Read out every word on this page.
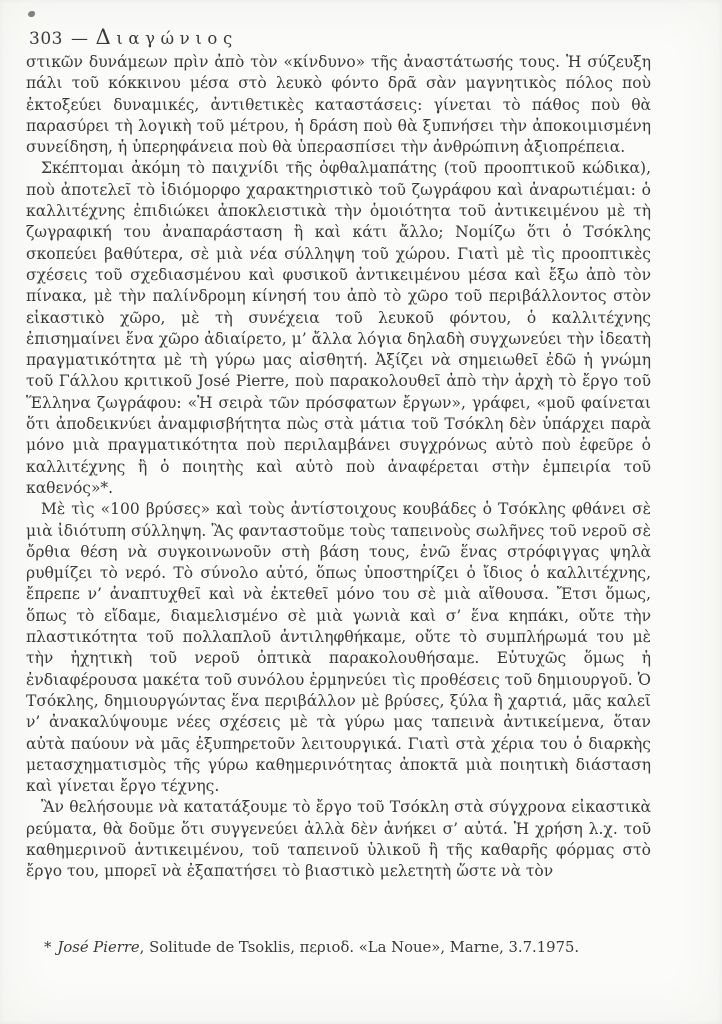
303 — Διαγώνιος

στικῶν δυνάμεων πρὶν ἀπὸ τὸν «κίνδυνο» τῆς ἀναστάτωσής τους. Ἡ σύζευξη πάλι τοῦ κόκκινου μέσα στὸ λευκὸ φόντο δρᾶ σὰν μαγνητικὸς πόλος ποὺ ἐκτοξεύει δυναμικές, ἀντιθετικὲς καταστάσεις: γίνεται τὸ πάθος ποὺ θὰ παρασύρει τὴ λογικὴ τοῦ μέτρου, ἡ δράση ποὺ θὰ ξυπνήσει τὴν ἀποκοιμισμένη συνείδηση, ἡ ὑπερηφάνεια ποὺ θὰ ὑπερασπίσει τὴν ἀνθρώπινη ἀξιοπρέπεια.

Σκέπτομαι ἀκόμη τὸ παιχνίδι τῆς ὀφθαλμαπάτης (τοῦ προοπτικοῦ κώδικα), ποὺ ἀποτελεῖ τὸ ἰδιόμορφο χαρακτηριστικὸ τοῦ ζωγράφου καὶ ἀναρωτιέμαι: ὁ καλλιτέχνης ἐπιδιώκει ἀποκλειστικὰ τὴν ὁμοιότητα τοῦ ἀντικειμένου μὲ τὴ ζωγραφική του ἀναπαράσταση ἢ καὶ κάτι ἄλλο; Νομίζω ὅτι ὁ Τσόκλης σκοπεύει βαθύτερα, σὲ μιὰ νέα σύλληψη τοῦ χώρου. Γιατὶ μὲ τὶς προοπτικὲς σχέσεις τοῦ σχεδιασμένου καὶ φυσικοῦ ἀντικειμένου μέσα καὶ ἔξω ἀπὸ τὸν πίνακα, μὲ τὴν παλίνδρομη κίνησή του ἀπὸ τὸ χῶρο τοῦ περιβάλλοντος στὸν εἰκαστικὸ χῶρο, μὲ τὴ συνέχεια τοῦ λευκοῦ φόντου, ὁ καλλιτέχνης ἐπισημαίνει ἕνα χῶρο ἀδιαίρετο, μ’ ἄλλα λόγια δηλαδὴ συγχωνεύει τὴν ἰδεατὴ πραγματικότητα μὲ τὴ γύρω μας αἰσθητή. Ἀξίζει νὰ σημειωθεῖ ἐδῶ ἡ γνώμη τοῦ Γάλλου κριτικοῦ José Pierre, ποὺ παρακολουθεῖ ἀπὸ τὴν ἀρχὴ τὸ ἔργο τοῦ Ἕλληνα ζωγράφου: «Ἡ σειρὰ τῶν πρόσφατων ἔργων», γράφει, «μοῦ φαίνεται ὅτι ἀποδεικνύει ἀναμφισβήτητα πὼς στὰ μάτια τοῦ Τσόκλη δὲν ὑπάρχει παρὰ μόνο μιὰ πραγματικότητα ποὺ περιλαμβάνει συγχρόνως αὐτὸ ποὺ ἐφεῦρε ὁ καλλιτέχνης ἢ ὁ ποιητὴς καὶ αὐτὸ ποὺ ἀναφέρεται στὴν ἐμπειρία τοῦ καθενός»*.

Μὲ τὶς «100 βρύσες» καὶ τοὺς ἀντίστοιχους κουβάδες ὁ Τσόκλης φθάνει σὲ μιὰ ἰδιότυπη σύλληψη. Ἂς φανταστοῦμε τοὺς ταπεινοὺς σωλῆνες τοῦ νεροῦ σὲ ὄρθια θέση νὰ συγκοινωνοῦν στὴ βάση τους, ἐνῶ ἕνας στρόφιγγας ψηλὰ ρυθμίζει τὸ νερό. Τὸ σύνολο αὐτό, ὅπως ὑποστηρίζει ὁ ἴδιος ὁ καλλιτέχνης, ἔπρεπε ν’ ἀναπτυχθεῖ καὶ νὰ ἐκτεθεῖ μόνο του σὲ μιὰ αἴθουσα. Ἔτσι ὅμως, ὅπως τὸ εἴδαμε, διαμελισμένο σὲ μιὰ γωνιὰ καὶ σ’ ἕνα κηπάκι, οὔτε τὴν πλαστικότητα τοῦ πολλαπλοῦ ἀντιληφθήκαμε, οὔτε τὸ συμπλήρωμά του μὲ τὴν ἠχητικὴ τοῦ νεροῦ ὀπτικὰ παρακολουθήσαμε. Εὐτυχῶς ὅμως ἡ ἐνδιαφέρουσα μακέτα τοῦ συνόλου ἑρμηνεύει τὶς προθέσεις τοῦ δημιουργοῦ. Ὁ Τσόκλης, δημιουργώντας ἕνα περιβάλλον μὲ βρύσες, ξύλα ἢ χαρτιά, μᾶς καλεῖ ν’ ἀνακαλύψουμε νέες σχέσεις μὲ τὰ γύρω μας ταπεινὰ ἀντικείμενα, ὅταν αὐτὰ παύουν νὰ μᾶς ἐξυπηρετοῦν λειτουργικά. Γιατὶ στὰ χέρια του ὁ διαρκὴς μετασχηματισμὸς τῆς γύρω καθημερινότητας ἀποκτᾶ μιὰ ποιητικὴ διάσταση καὶ γίνεται ἔργο τέχνης.

Ἂν θελήσουμε νὰ κατατάξουμε τὸ ἔργο τοῦ Τσόκλη στὰ σύγχρονα εἰκαστικὰ ρεύματα, θὰ δοῦμε ὅτι συγγενεύει ἀλλὰ δὲν ἀνήκει σ’ αὐτά. Ἡ χρήση λ.χ. τοῦ καθημερινοῦ ἀντικειμένου, τοῦ ταπεινοῦ ὑλικοῦ ἢ τῆς καθαρῆς φόρμας στὸ ἔργο του, μπορεῖ νὰ ἐξαπατήσει τὸ βιαστικὸ μελετητὴ ὥστε νὰ τὸν

* José Pierre, Solitude de Tsoklis, περιοδ. «La Noue», Marne, 3.7.1975.
